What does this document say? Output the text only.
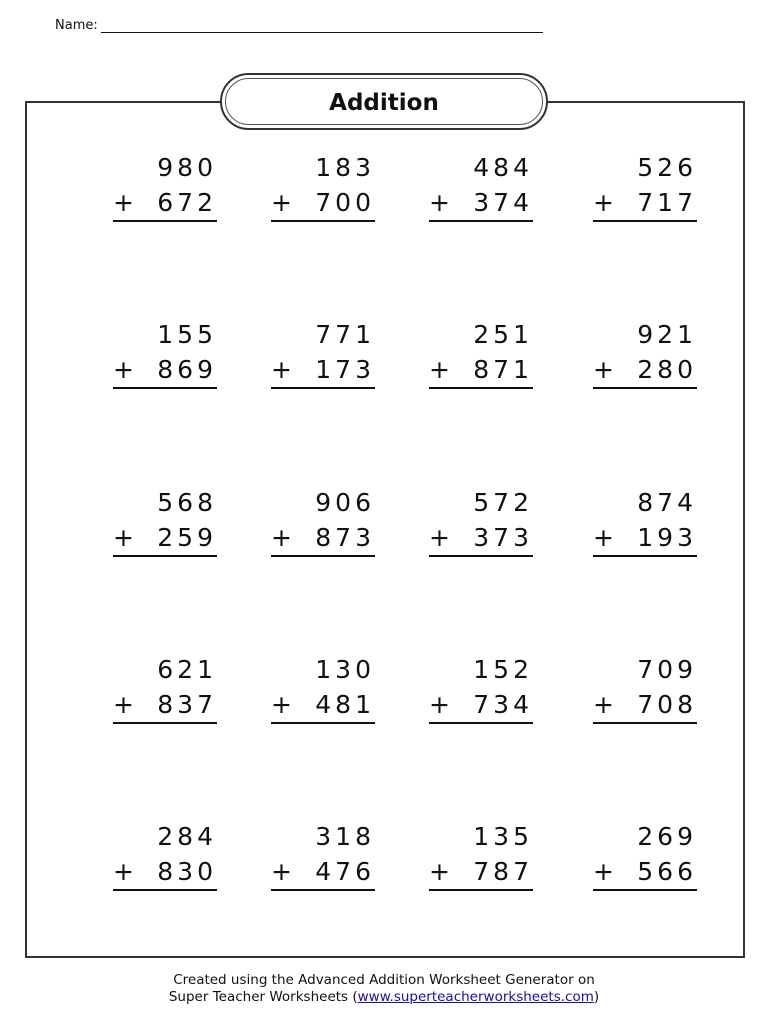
Name:
Addition
980
+ 672
183
+ 700
484
+ 374
526
+ 717
155
+ 869
771
+ 173
251
+ 871
921
+ 280
568
+ 259
906
+ 873
572
+ 373
874
+ 193
621
+ 837
130
+ 481
152
+ 734
709
+ 708
284
+ 830
318
+ 476
135
+ 787
269
+ 566
Created using the Advanced Addition Worksheet Generator on
Super Teacher Worksheets (www.superteacherworksheets.com)
